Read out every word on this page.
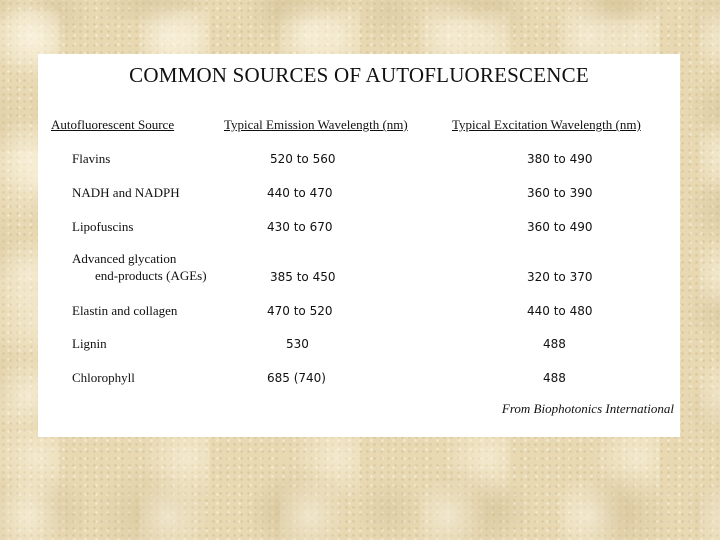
COMMON SOURCES OF AUTOFLUORESCENCE
Autofluorescent Source	Typical Emission Wavelength (nm)	Typical Excitation Wavelength (nm)
Flavins	520 to 560	380 to 490
NADH and NADPH	440 to 470	360 to 390
Lipofuscins	430 to 670	360 to 490
Advanced glycation
end-products (AGEs)	385 to 450	320 to 370
Elastin and collagen	470 to 520	440 to 480
Lignin	530	488
Chlorophyll	685 (740)	488
From Biophotonics International
